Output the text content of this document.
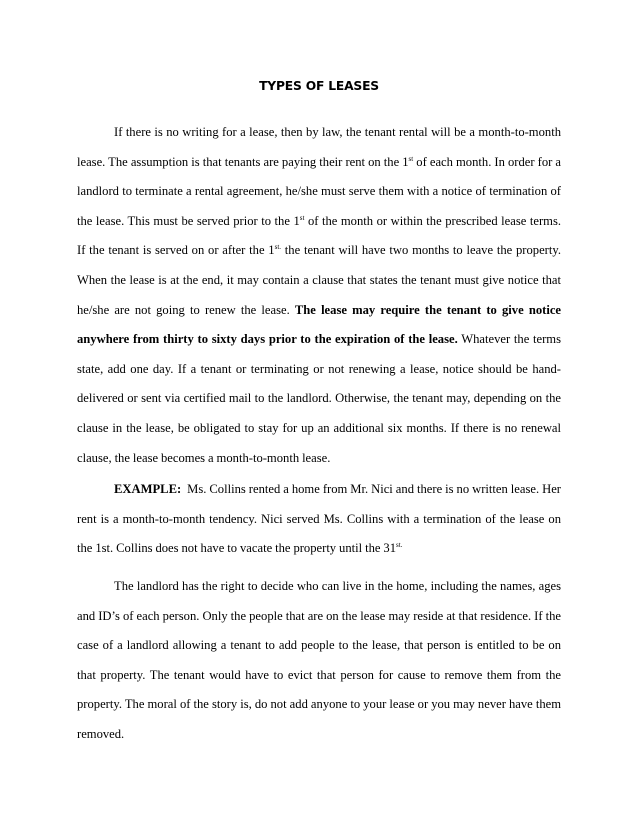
TYPES OF LEASES

If there is no writing for a lease, then by law, the tenant rental will be a month-to-month lease. The assumption is that tenants are paying their rent on the 1st of each month. In order for a landlord to terminate a rental agreement, he/she must serve them with a notice of termination of the lease. This must be served prior to the 1st of the month or within the prescribed lease terms. If the tenant is served on or after the $1^{st.}$ the tenant will have two months to leave the property. When the lease is at the end, it may contain a clause that states the tenant must give notice that he/she are not going to renew the lease. The lease may require the tenant to give notice anywhere from thirty to sixty days prior to the expiration of the lease. Whatever the terms state, add one day. If a tenant or terminating or not renewing a lease, notice should be hand-delivered or sent via certified mail to the landlord. Otherwise, the tenant may, depending on the clause in the lease, be obligated to stay for up an additional six months. If there is no renewal clause, the lease becomes a month-to-month lease.

EXAMPLE:  Ms. Collins rented a home from Mr. Nici and there is no written lease. Her rent is a month-to-month tendency. Nici served Ms. Collins with a termination of the lease on the 1st. Collins does not have to vacate the property until the $31^{st.}$

The landlord has the right to decide who can live in the home, including the names, ages and ID’s of each person. Only the people that are on the lease may reside at that residence. If the case of a landlord allowing a tenant to add people to the lease, that person is entitled to be on that property. The tenant would have to evict that person for cause to remove them from the property. The moral of the story is, do not add anyone to your lease or you may never have them removed.
